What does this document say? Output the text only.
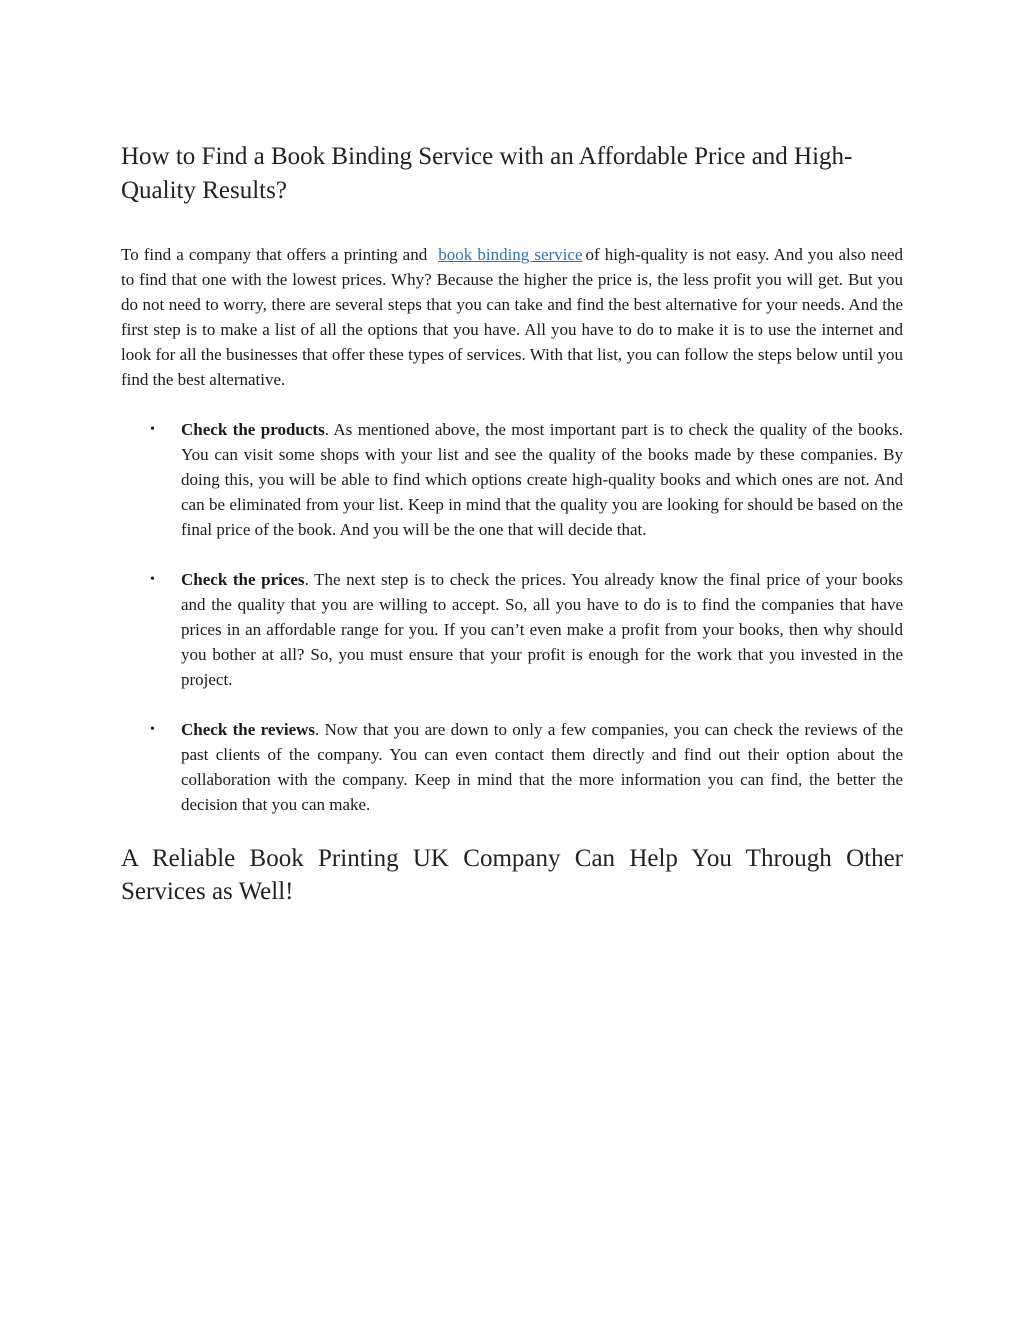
How to Find a Book Binding Service with an Affordable Price and High-Quality Results?

To find a company that offers a printing and book binding service of high-quality is not easy. And you also need to find that one with the lowest prices. Why? Because the higher the price is, the less profit you will get. But you do not need to worry, there are several steps that you can take and find the best alternative for your needs. And the first step is to make a list of all the options that you have. All you have to do to make it is to use the internet and look for all the businesses that offer these types of services. With that list, you can follow the steps below until you find the best alternative.

• Check the products. As mentioned above, the most important part is to check the quality of the books. You can visit some shops with your list and see the quality of the books made by these companies. By doing this, you will be able to find which options create high-quality books and which ones are not. And can be eliminated from your list. Keep in mind that the quality you are looking for should be based on the final price of the book. And you will be the one that will decide that.
• Check the prices. The next step is to check the prices. You already know the final price of your books and the quality that you are willing to accept. So, all you have to do is to find the companies that have prices in an affordable range for you. If you can’t even make a profit from your books, then why should you bother at all? So, you must ensure that your profit is enough for the work that you invested in the project.
• Check the reviews. Now that you are down to only a few companies, you can check the reviews of the past clients of the company. You can even contact them directly and find out their option about the collaboration with the company. Keep in mind that the more information you can find, the better the decision that you can make.
A Reliable Book Printing UK Company Can Help You Through Other Services as Well!
